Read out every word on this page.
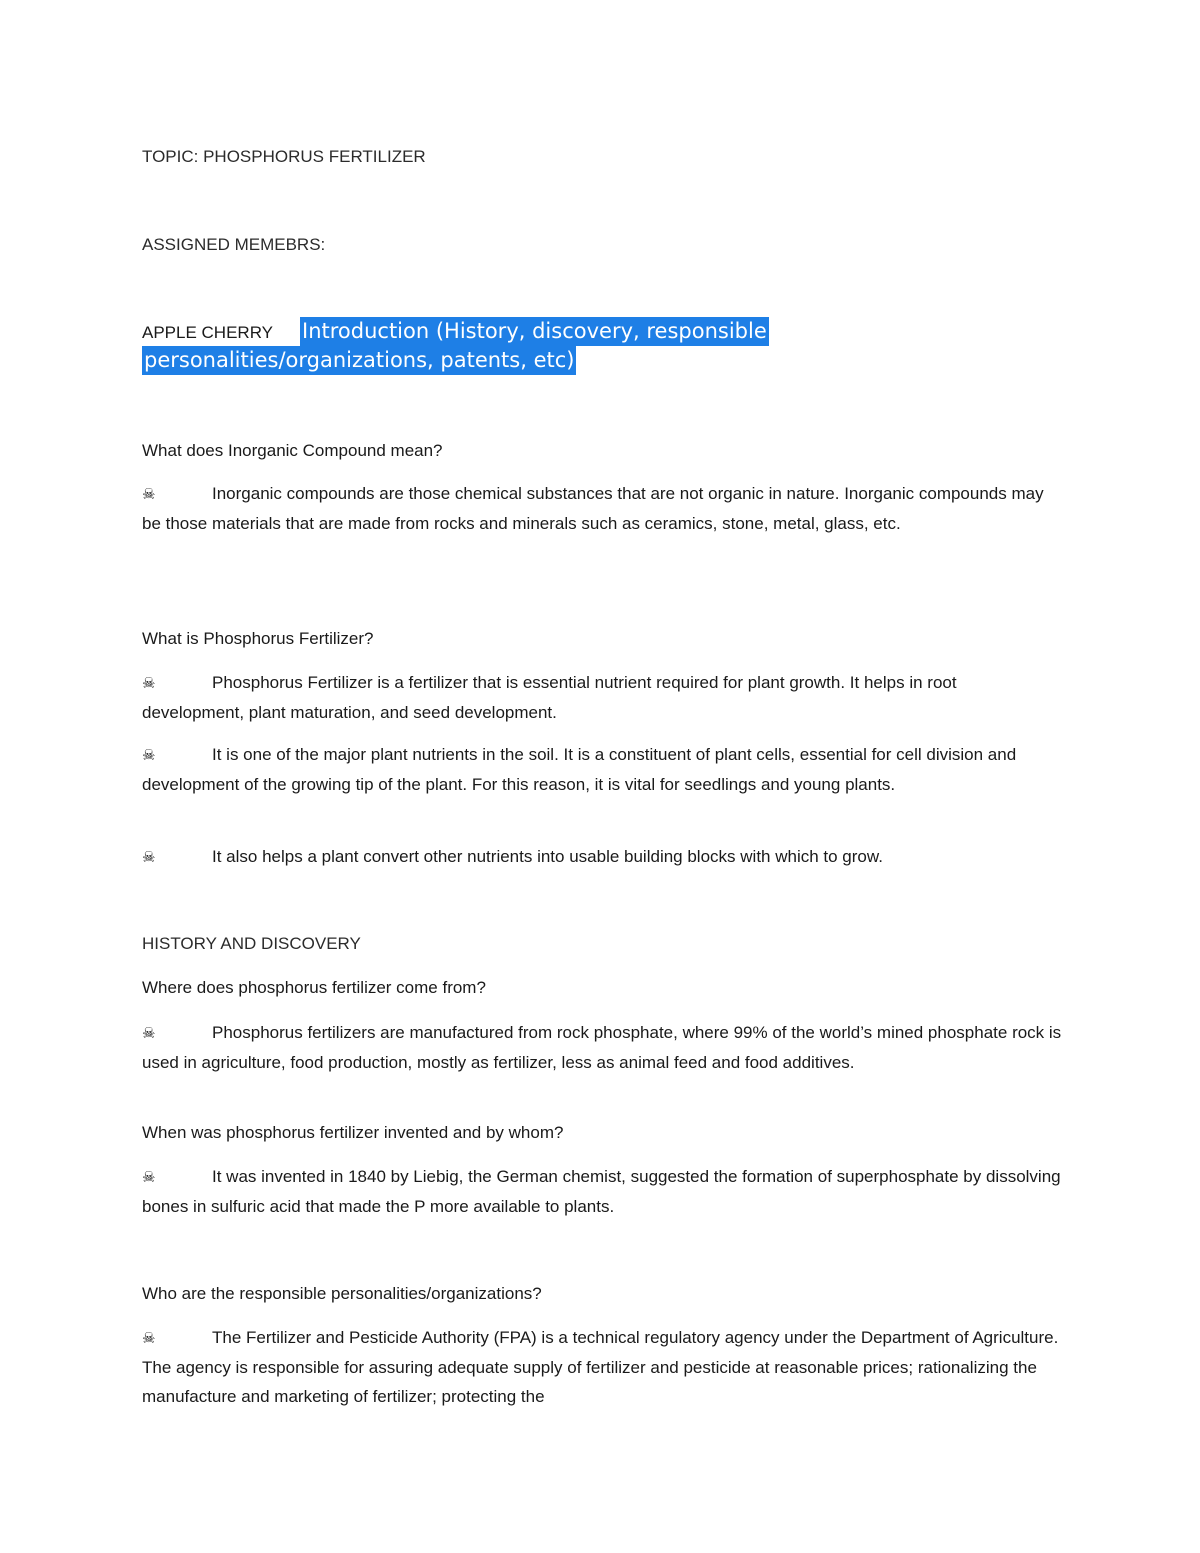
TOPIC: PHOSPHORUS FERTILIZER
ASSIGNED MEMEBRS:
APPLE CHERRY	Introduction (History, discovery, responsible
personalities/organizations, patents, etc)
What does Inorganic Compound mean?
☠	Inorganic compounds are those chemical substances that are not organic in nature. Inorganic compounds may be those materials that are made from rocks and minerals such as ceramics, stone, metal, glass, etc.
What is Phosphorus Fertilizer?
☠	Phosphorus Fertilizer is a fertilizer that is essential nutrient required for plant growth. It helps in root development, plant maturation, and seed development.
☠	It is one of the major plant nutrients in the soil. It is a constituent of plant cells, essential for cell division and development of the growing tip of the plant. For this reason, it is vital for seedlings and young plants.
☠	It also helps a plant convert other nutrients into usable building blocks with which to grow.
HISTORY AND DISCOVERY
Where does phosphorus fertilizer come from?
☠	Phosphorus fertilizers are manufactured from rock phosphate, where 99% of the world’s mined phosphate rock is used in agriculture, food production, mostly as fertilizer, less as animal feed and food additives.
When was phosphorus fertilizer invented and by whom?
☠	It was invented in 1840 by Liebig, the German chemist, suggested the formation of superphosphate by dissolving bones in sulfuric acid that made the P more available to plants.
Who are the responsible personalities/organizations?
☠	The Fertilizer and Pesticide Authority (FPA) is a technical regulatory agency under the Department of Agriculture. The agency is responsible for assuring adequate supply of fertilizer and pesticide at reasonable prices; rationalizing the manufacture and marketing of fertilizer; protecting the
